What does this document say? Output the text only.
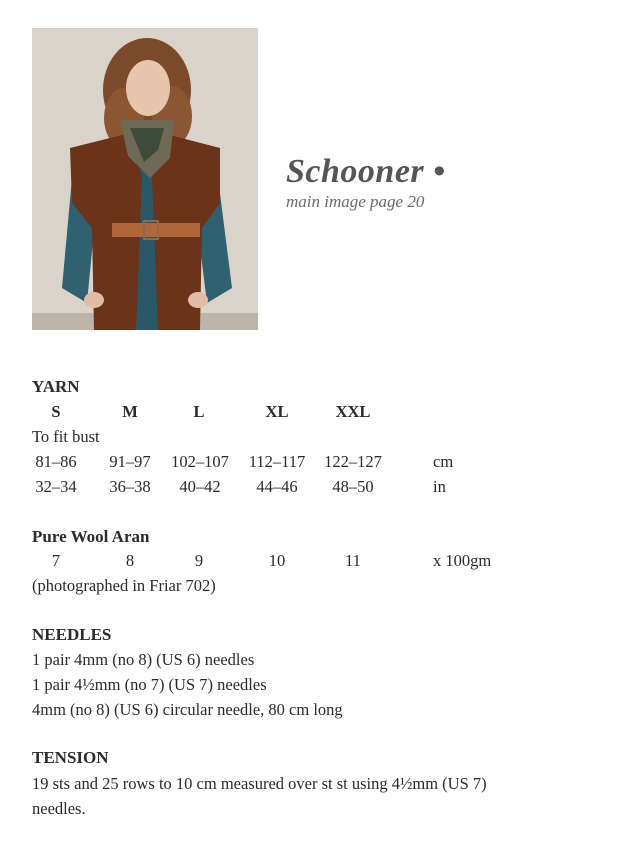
Schooner •
main image page 20
YARN
S	M	L	XL	XXL
To fit bust
81–86	91–97	102–107	112–117	122–127	cm
32–34	36–38	40–42	44–46	48–50	in
Pure Wool Aran
7	8	9	10	11	x 100gm
(photographed in Friar 702)
NEEDLES
1 pair 4mm (no 8) (US 6) needles
1 pair 4½mm (no 7) (US 7) needles
4mm (no 8) (US 6) circular needle, 80 cm long
TENSION
19 sts and 25 rows to 10 cm measured over st st using 4½mm (US 7)
needles.
